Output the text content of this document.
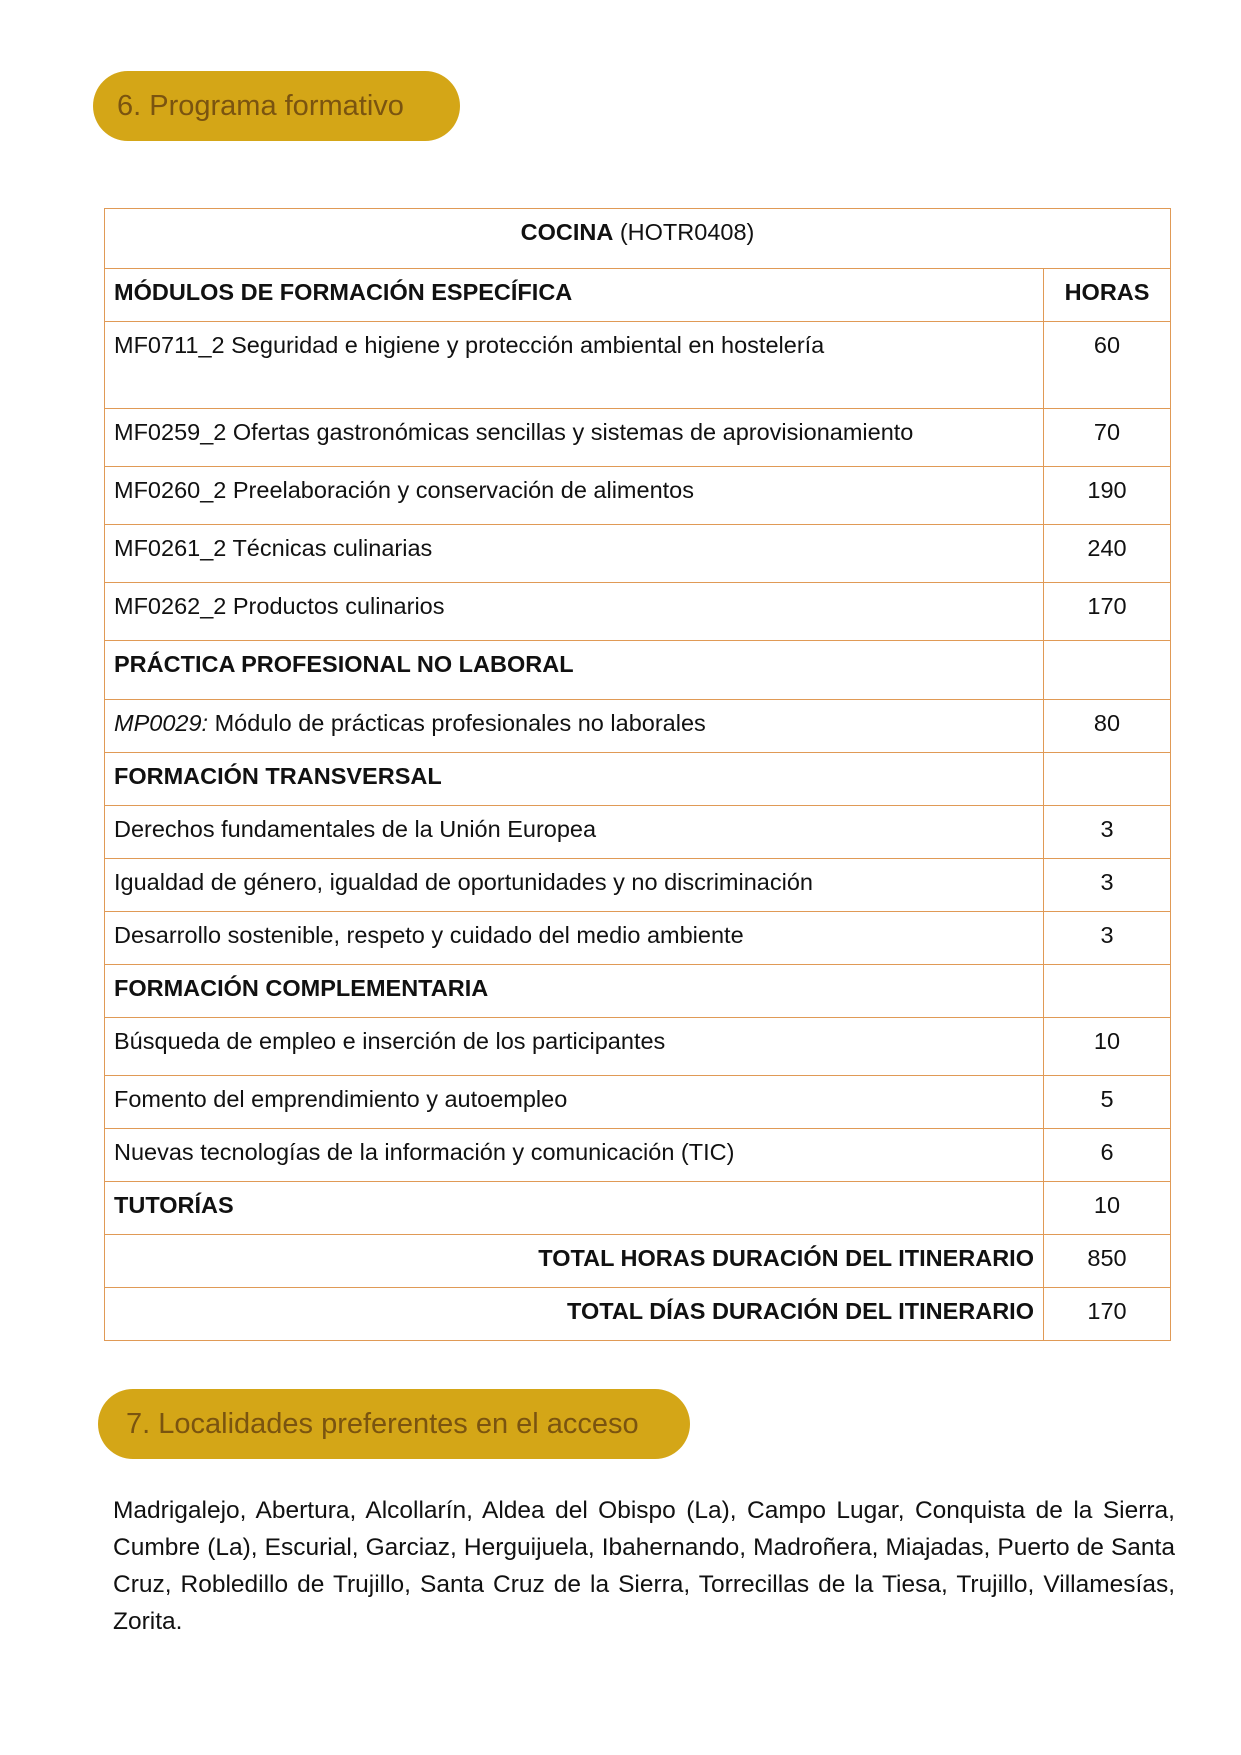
6. Programa formativo
COCINA (HOTR0408)	
MÓDULOS DE FORMACIÓN ESPECÍFICA	HORAS
MF0711_2 Seguridad e higiene y protección ambiental en hostelería	60
MF0259_2 Ofertas gastronómicas sencillas y sistemas de aprovisionamiento	70
MF0260_2 Preelaboración y conservación de alimentos	190
MF0261_2 Técnicas culinarias	240
MF0262_2 Productos culinarios	170
PRÁCTICA PROFESIONAL NO LABORAL	
MP0029: Módulo de prácticas profesionales no laborales	80
FORMACIÓN TRANSVERSAL	
Derechos fundamentales de la Unión Europea	3
Igualdad de género, igualdad de oportunidades y no discriminación	3
Desarrollo sostenible, respeto y cuidado del medio ambiente	3
FORMACIÓN COMPLEMENTARIA	
Búsqueda de empleo e inserción de los participantes	10
Fomento del emprendimiento y autoempleo	5
Nuevas tecnologías de la información y comunicación (TIC)	6
TUTORÍAS	10
TOTAL HORAS DURACIÓN DEL ITINERARIO	850
TOTAL DÍAS DURACIÓN DEL ITINERARIO	170
7. Localidades preferentes en el acceso

Madrigalejo, Abertura, Alcollarín, Aldea del Obispo (La), Campo Lugar, Conquista de la Sierra, Cumbre (La), Escurial, Garciaz, Herguijuela, Ibahernando, Madroñera, Miajadas, Puerto de Santa Cruz, Robledillo de Trujillo, Santa Cruz de la Sierra, Torrecillas de la Tiesa, Trujillo, Villamesías, Zorita.
